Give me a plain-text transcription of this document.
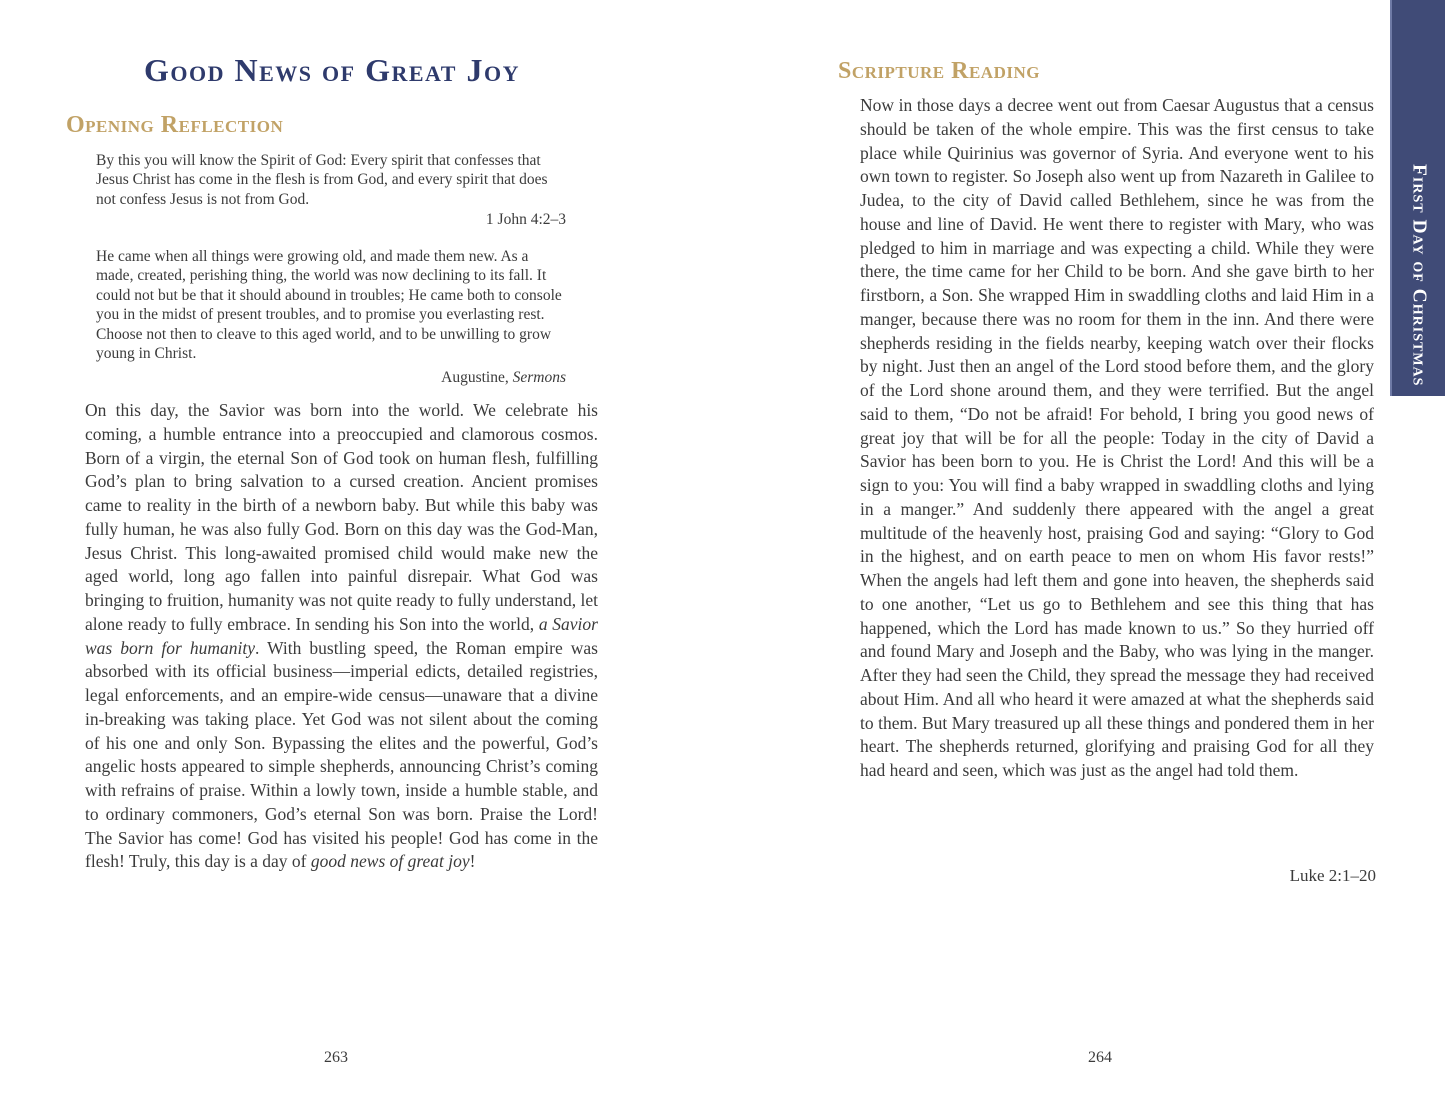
Good News of Great Joy
Opening Reflection
By this you will know the Spirit of God: Every spirit that confesses that Jesus Christ has come in the flesh is from God, and every spirit that does not confess Jesus is not from God.
1 John 4:2–3
He came when all things were growing old, and made them new. As a made, created, perishing thing, the world was now declining to its fall. It could not but be that it should abound in troubles; He came both to console you in the midst of present troubles, and to promise you everlasting rest. Choose not then to cleave to this aged world, and to be unwilling to grow young in Christ.
Augustine, Sermons

On this day, the Savior was born into the world. We celebrate his coming, a humble entrance into a preoccupied and clamorous cosmos. Born of a virgin, the eternal Son of God took on human flesh, fulfilling God’s plan to bring salvation to a cursed creation. Ancient promises came to reality in the birth of a newborn baby. But while this baby was fully human, he was also fully God. Born on this day was the God-Man, Jesus Christ. This long-awaited promised child would make new the aged world, long ago fallen into painful disrepair. What God was bringing to fruition, humanity was not quite ready to fully understand, let alone ready to fully embrace. In sending his Son into the world, a Savior was born for humanity. With bustling speed, the Roman empire was absorbed with its official business—imperial edicts, detailed registries, legal enforcements, and an empire-wide census—unaware that a divine in-breaking was taking place. Yet God was not silent about the coming of his one and only Son. Bypassing the elites and the powerful, God’s angelic hosts appeared to simple shepherds, announcing Christ’s coming with refrains of praise. Within a lowly town, inside a humble stable, and to ordinary commoners, God’s eternal Son was born. Praise the Lord! The Savior has come! God has visited his people! God has come in the flesh! Truly, this day is a day of good news of great joy!

263
Scripture Reading
Now in those days a decree went out from Caesar Augustus that a census should be taken of the whole empire. This was the first census to take place while Quirinius was governor of Syria. And everyone went to his own town to register. So Joseph also went up from Nazareth in Galilee to Judea, to the city of David called Bethlehem, since he was from the house and line of David. He went there to register with Mary, who was pledged to him in marriage and was expecting a child. While they were there, the time came for her Child to be born. And she gave birth to her firstborn, a Son. She wrapped Him in swaddling cloths and laid Him in a manger, because there was no room for them in the inn. And there were shepherds residing in the fields nearby, keeping watch over their flocks by night. Just then an angel of the Lord stood before them, and the glory of the Lord shone around them, and they were terrified. But the angel said to them, “Do not be afraid! For behold, I bring you good news of great joy that will be for all the people: Today in the city of David a Savior has been born to you. He is Christ the Lord! And this will be a sign to you: You will find a baby wrapped in swaddling cloths and lying in a manger.” And suddenly there appeared with the angel a great multitude of the heavenly host, praising God and saying: “Glory to God in the highest, and on earth peace to men on whom His favor rests!” When the angels had left them and gone into heaven, the shepherds said to one another, “Let us go to Bethlehem and see this thing that has happened, which the Lord has made known to us.” So they hurried off and found Mary and Joseph and the Baby, who was lying in the manger. After they had seen the Child, they spread the message they had received about Him. And all who heard it were amazed at what the shepherds said to them. But Mary treasured up all these things and pondered them in her heart. The shepherds returned, glorifying and praising God for all they had heard and seen, which was just as the angel had told them.
Luke 2:1–20
264
First Day of Christmas
